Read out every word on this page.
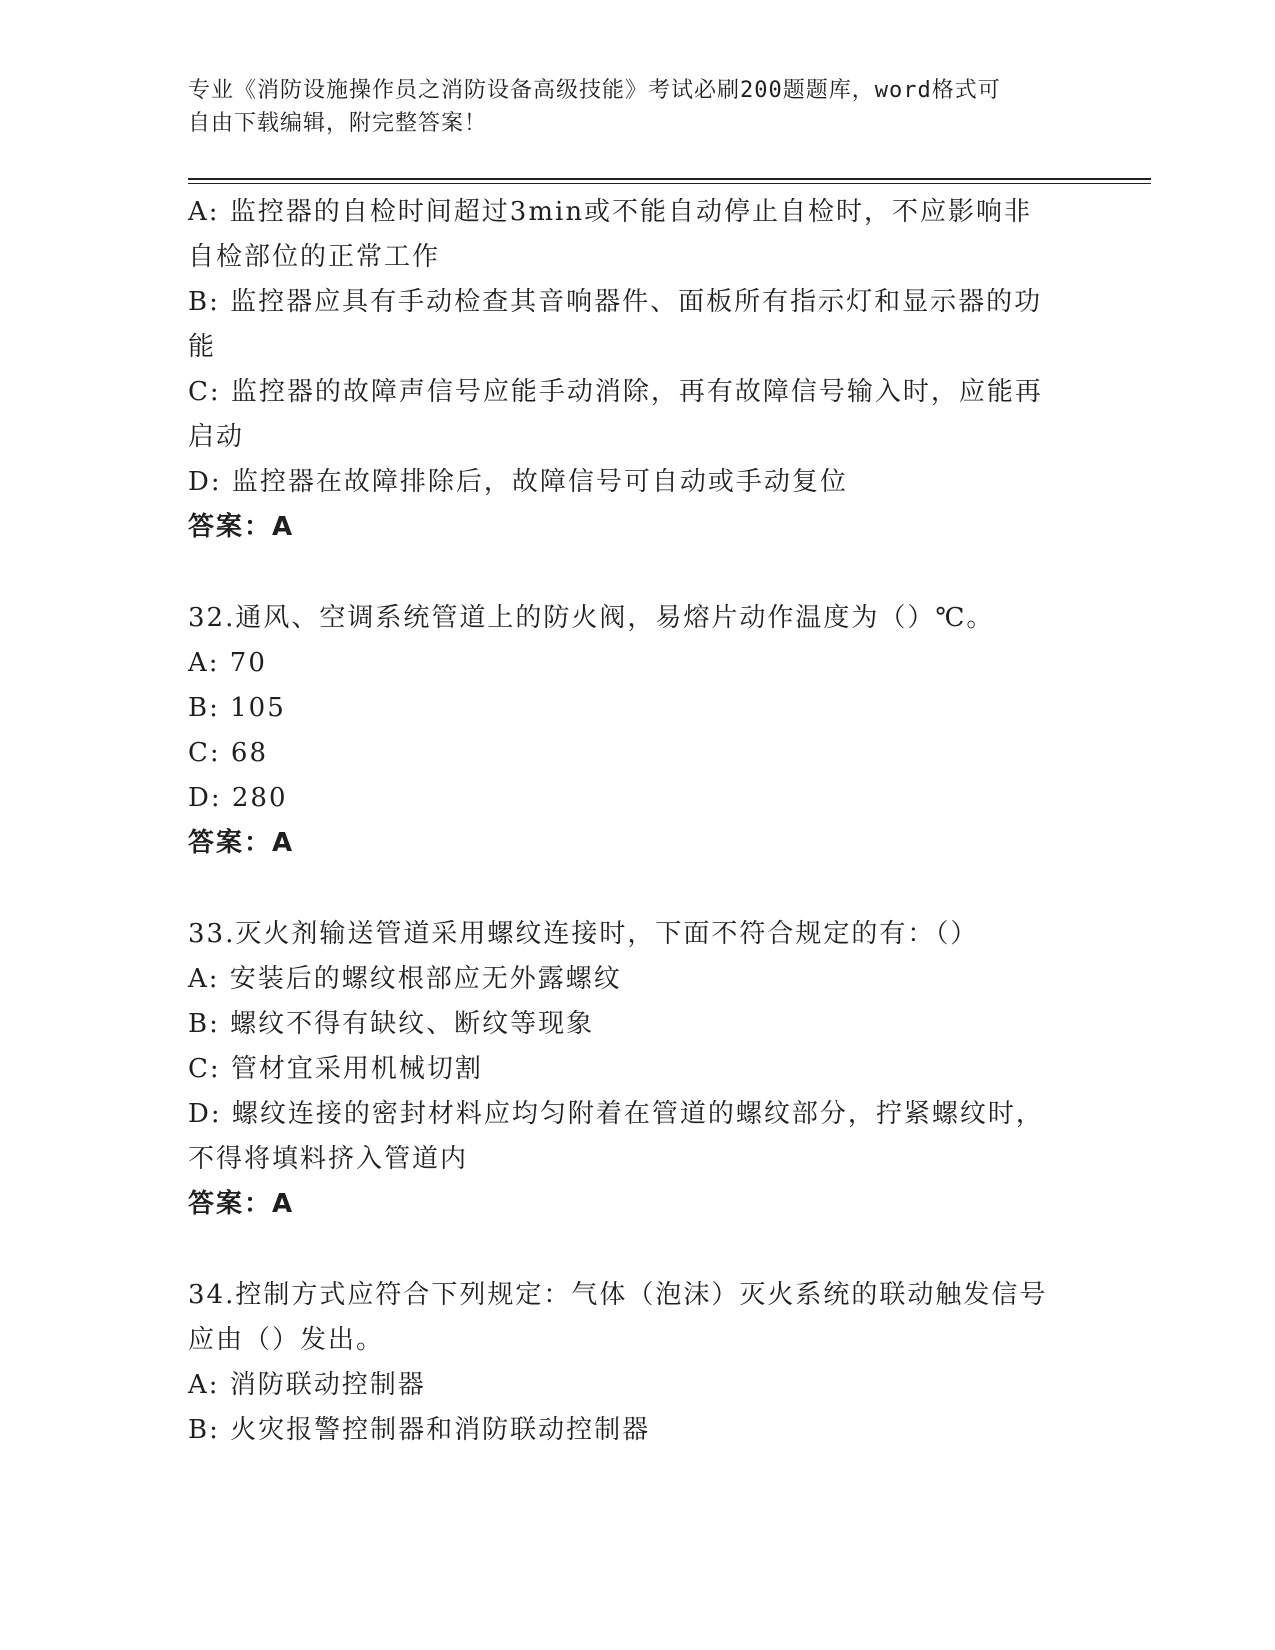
专业《消防设施操作员之消防设备高级技能》考试必刷200题题库，word格式可
自由下载编辑，附完整答案！
A: 监控器的自检时间超过3min或不能自动停止自检时，不应影响非
自检部位的正常工作
B: 监控器应具有手动检查其音响器件、面板所有指示灯和显示器的功
能
C: 监控器的故障声信号应能手动消除，再有故障信号输入时，应能再
启动
D: 监控器在故障排除后，故障信号可自动或手动复位
答案：A
32.通风、空调系统管道上的防火阀，易熔片动作温度为（）℃。
A: 70
B: 105
C: 68
D: 280
答案：A
33.灭火剂输送管道采用螺纹连接时，下面不符合规定的有：（）
A: 安装后的螺纹根部应无外露螺纹
B: 螺纹不得有缺纹、断纹等现象
C: 管材宜采用机械切割
D: 螺纹连接的密封材料应均匀附着在管道的螺纹部分，拧紧螺纹时，
不得将填料挤入管道内
答案：A
34.控制方式应符合下列规定：气体（泡沫）灭火系统的联动触发信号
应由（）发出。
A: 消防联动控制器
B: 火灾报警控制器和消防联动控制器
